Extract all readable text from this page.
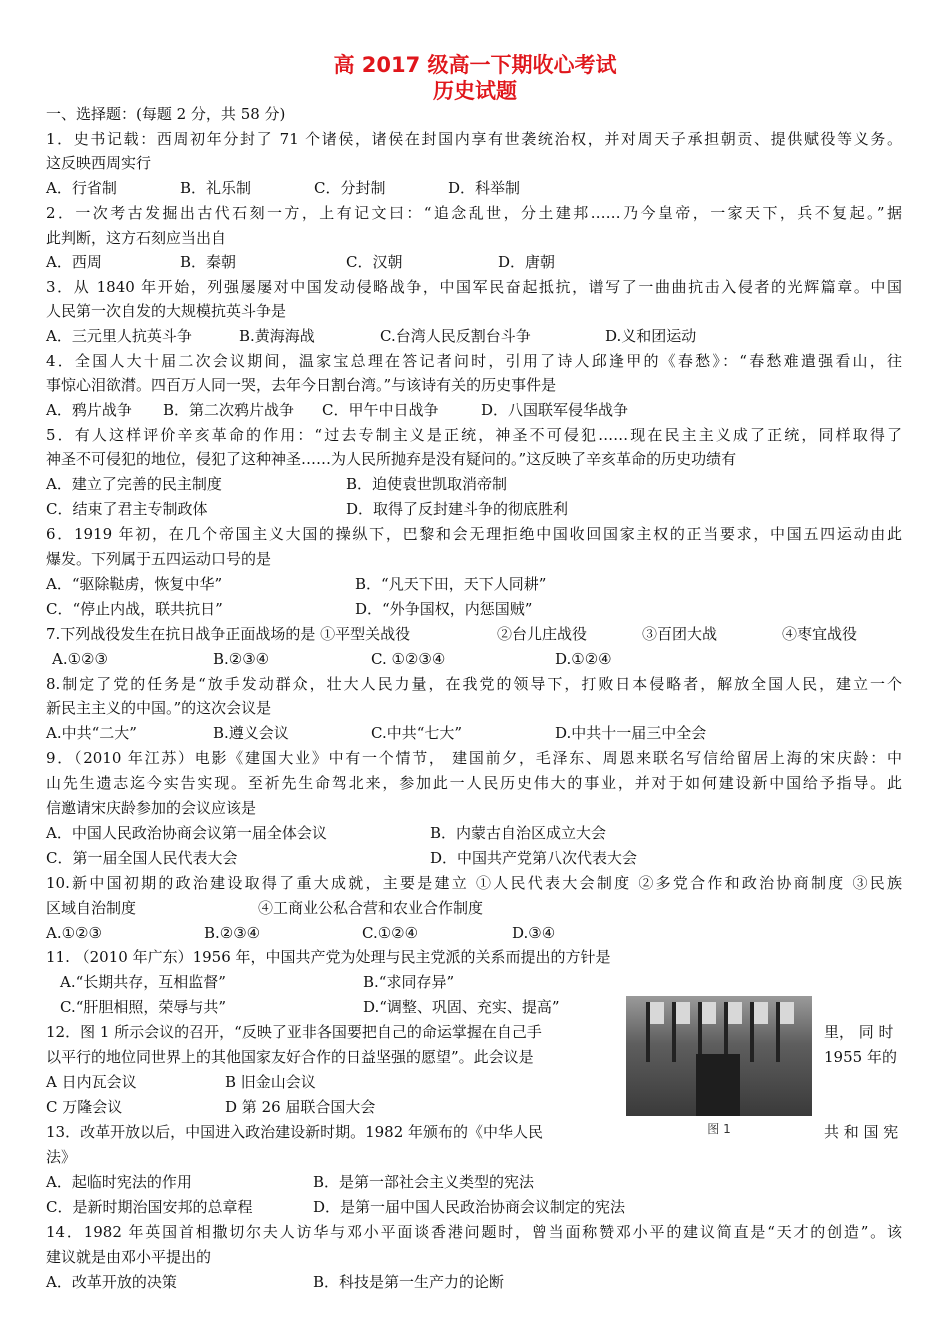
高 2017 级高一下期收心考试
历史试题
一、选择题：(每题 2 分，共 58 分)
1．史书记载：西周初年分封了 71 个诸侯，诸侯在封国内享有世袭统治权，并对周天子承担朝贡、提供赋役等义务。
这反映西周实行
A．行省制	B．礼乐制	C．分封制	D．科举制
2．一次考古发掘出古代石刻一方，上有记文曰：“追念乱世，分土建邦……乃今皇帝，一家天下，兵不复起。”据
此判断，这方石刻应当出自
A．西周	B．秦朝	C．汉朝	D．唐朝
3．从 1840 年开始，列强屡屡对中国发动侵略战争，中国军民奋起抵抗，谱写了一曲曲抗击入侵者的光辉篇章。中国
人民第一次自发的大规模抗英斗争是
A．三元里人抗英斗争	B.黄海海战	C.台湾人民反割台斗争	D.义和团运动
4．全国人大十届二次会议期间，温家宝总理在答记者问时，引用了诗人邱逢甲的《春愁》：“春愁难遣强看山，往
事惊心泪欲潸。四百万人同一哭，去年今日割台湾。”与该诗有关的历史事件是
A．鸦片战争 B．第二次鸦片战争 C．甲午中日战争	D．八国联军侵华战争
5．有人这样评价辛亥革命的作用：“过去专制主义是正统，神圣不可侵犯……现在民主主义成了正统，同样取得了
神圣不可侵犯的地位，侵犯了这种神圣……为人民所抛弃是没有疑问的。”这反映了辛亥革命的历史功绩有
A．建立了完善的民主制度	B．迫使袁世凯取消帝制
C．结束了君主专制政体	D．取得了反封建斗争的彻底胜利
6．1919 年初，在几个帝国主义大国的操纵下，巴黎和会无理拒绝中国收回国家主权的正当要求，中国五四运动由此
爆发。下列属于五四运动口号的是
A．“驱除鞑虏，恢复中华”	B．“凡天下田，天下人同耕”
C．“停止内战，联共抗日”	D．“外争国权，内惩国贼”
7.下列战役发生在抗日战争正面战场的是 ①平型关战役	②台儿庄战役	③百团大战	④枣宜战役
A.①②③	B.②③④	C. ①②③④	D.①②④
8.制定了党的任务是“放手发动群众，壮大人民力量，在我党的领导下，打败日本侵略者，解放全国人民，建立一个
新民主主义的中国。”的这次会议是
A.中共“二大”	B.遵义会议	C.中共“七大”	D.中共十一届三中全会
9．（2010 年江苏）电影《建国大业》中有一个情节， 建国前夕，毛泽东、周恩来联名写信给留居上海的宋庆龄：中
山先生遗志迄今实告实现。至祈先生命驾北来，参加此一人民历史伟大的事业，并对于如何建设新中国给予指导。此
信邀请宋庆龄参加的会议应该是
A．中国人民政治协商会议第一届全体会议	B．内蒙古自治区成立大会
C．第一届全国人民代表大会	D．中国共产党第八次代表大会
10.新中国初期的政治建设取得了重大成就，主要是建立 ①人民代表大会制度 ②多党合作和政治协商制度 ③民族
区域自治制度	④工商业公私合营和农业合作制度
A.①②③	B.②③④	C.①②④	D.③④
11. （2010 年广东）1956 年，中国共产党为处理与民主党派的关系而提出的方针是
A.“长期共存，互相监督”	B.“求同存异”
C.“肝胆相照，荣辱与共”	D.“调整、巩固、充实、提高”
图 1
12．图 1 所示会议的召开，“反映了亚非各国要把自己的命运掌握在自己手	里， 同 时
以平行的地位同世界上的其他国家友好合作的日益坚强的愿望”。此会议是	1955 年的
A 日内瓦会议	B 旧金山会议
C 万隆会议	D 第 26 届联合国大会
13．改革开放以后，中国进入政治建设新时期。1982 年颁布的《中华人民	共 和 国 宪
法》
A．起临时宪法的作用	B．是第一部社会主义类型的宪法
C．是新时期治国安邦的总章程	D．是第一届中国人民政治协商会议制定的宪法
14．1982 年英国首相撒切尔夫人访华与邓小平面谈香港问题时，曾当面称赞邓小平的建议简直是“天才的创造”。该
建议就是由邓小平提出的
A．改革开放的决策	B．科技是第一生产力的论断
